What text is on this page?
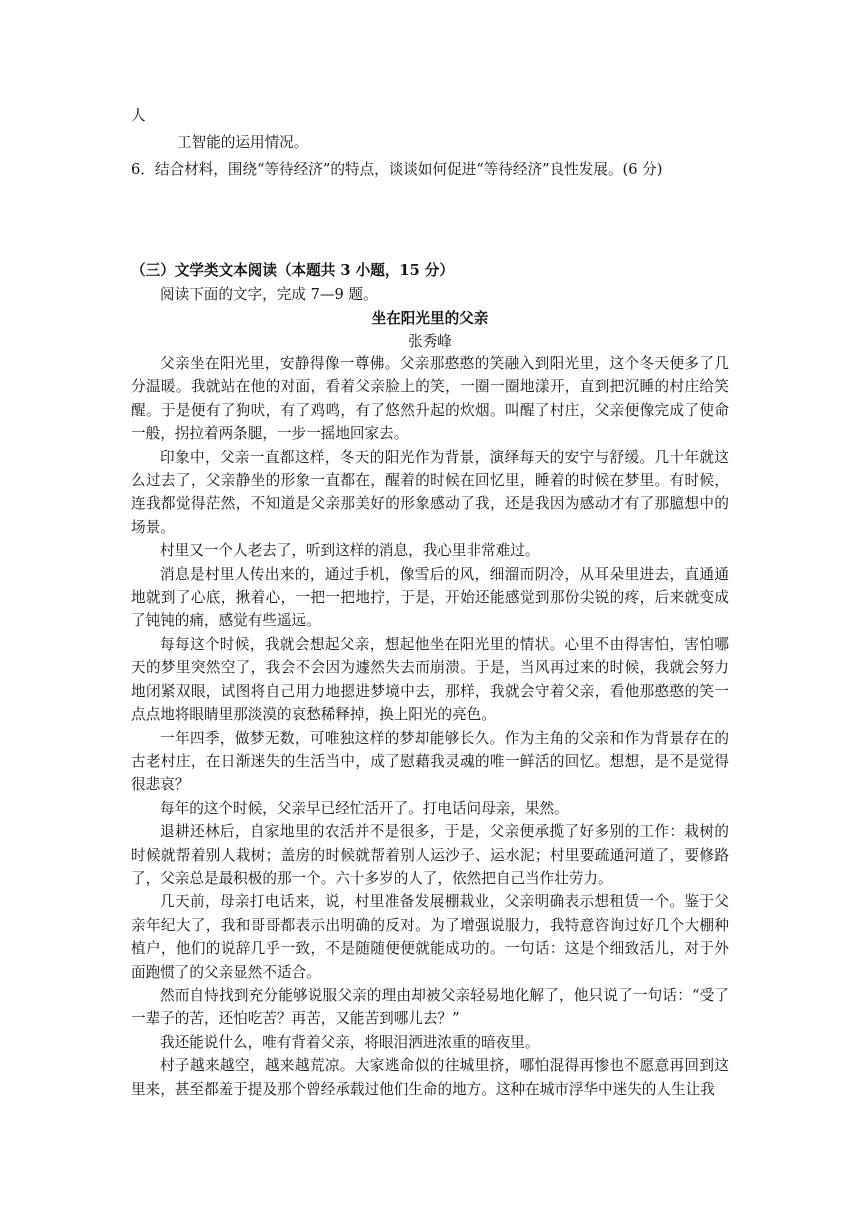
人
工智能的运用情况。
6．结合材料，围绕“等待经济”的特点，谈谈如何促进“等待经济”良性发展。(6 分)
（三）文学类文本阅读（本题共 3 小题，15 分）
阅读下面的文字，完成 7—9 题。
坐在阳光里的父亲
张秀峰

父亲坐在阳光里，安静得像一尊佛。父亲那憨憨的笑融入到阳光里，这个冬天便多了几分温暖。我就站在他的对面，看着父亲脸上的笑，一圈一圈地漾开，直到把沉睡的村庄给笑醒。于是便有了狗吠，有了鸡鸣，有了悠然升起的炊烟。叫醒了村庄，父亲便像完成了使命一般，拐拉着两条腿，一步一摇地回家去。

印象中，父亲一直都这样，冬天的阳光作为背景，演绎每天的安宁与舒缓。几十年就这么过去了，父亲静坐的形象一直都在，醒着的时候在回忆里，睡着的时候在梦里。有时候，连我都觉得茫然，不知道是父亲那美好的形象感动了我，还是我因为感动才有了那臆想中的场景。

村里又一个人老去了，听到这样的消息，我心里非常难过。

消息是村里人传出来的，通过手机，像雪后的风，细溜而阴冷，从耳朵里进去，直通通地就到了心底，揪着心，一把一把地拧，于是，开始还能感觉到那份尖锐的疼，后来就变成了钝钝的痛，感觉有些遥远。

每每这个时候，我就会想起父亲，想起他坐在阳光里的情状。心里不由得害怕，害怕哪天的梦里突然空了，我会不会因为遽然失去而崩溃。于是，当风再过来的时候，我就会努力地闭紧双眼，试图将自己用力地摁进梦境中去，那样，我就会守着父亲，看他那憨憨的笑一点点地将眼睛里那淡漠的哀愁稀释掉，换上阳光的亮色。

一年四季，做梦无数，可唯独这样的梦却能够长久。作为主角的父亲和作为背景存在的古老村庄，在日渐迷失的生活当中，成了慰藉我灵魂的唯一鲜活的回忆。想想，是不是觉得很悲哀？

每年的这个时候，父亲早已经忙活开了。打电话问母亲，果然。

退耕还林后，自家地里的农活并不是很多，于是，父亲便承揽了好多别的工作：栽树的时候就帮着别人栽树；盖房的时候就帮着别人运沙子、运水泥；村里要疏通河道了，要修路了，父亲总是最积极的那一个。六十多岁的人了，依然把自己当作壮劳力。

几天前，母亲打电话来，说，村里准备发展棚栽业，父亲明确表示想租赁一个。鉴于父亲年纪大了，我和哥哥都表示出明确的反对。为了增强说服力，我特意咨询过好几个大棚种植户，他们的说辞几乎一致，不是随随便便就能成功的。一句话：这是个细致活儿，对于外面跑惯了的父亲显然不适合。

然而自恃找到充分能够说服父亲的理由却被父亲轻易地化解了，他只说了一句话：“受了一辈子的苦，还怕吃苦？再苦，又能苦到哪儿去？”

我还能说什么，唯有背着父亲，将眼泪洒进浓重的暗夜里。

村子越来越空，越来越荒凉。大家逃命似的往城里挤，哪怕混得再惨也不愿意再回到这里来，甚至都羞于提及那个曾经承载过他们生命的地方。这种在城市浮华中迷失的人生让我
